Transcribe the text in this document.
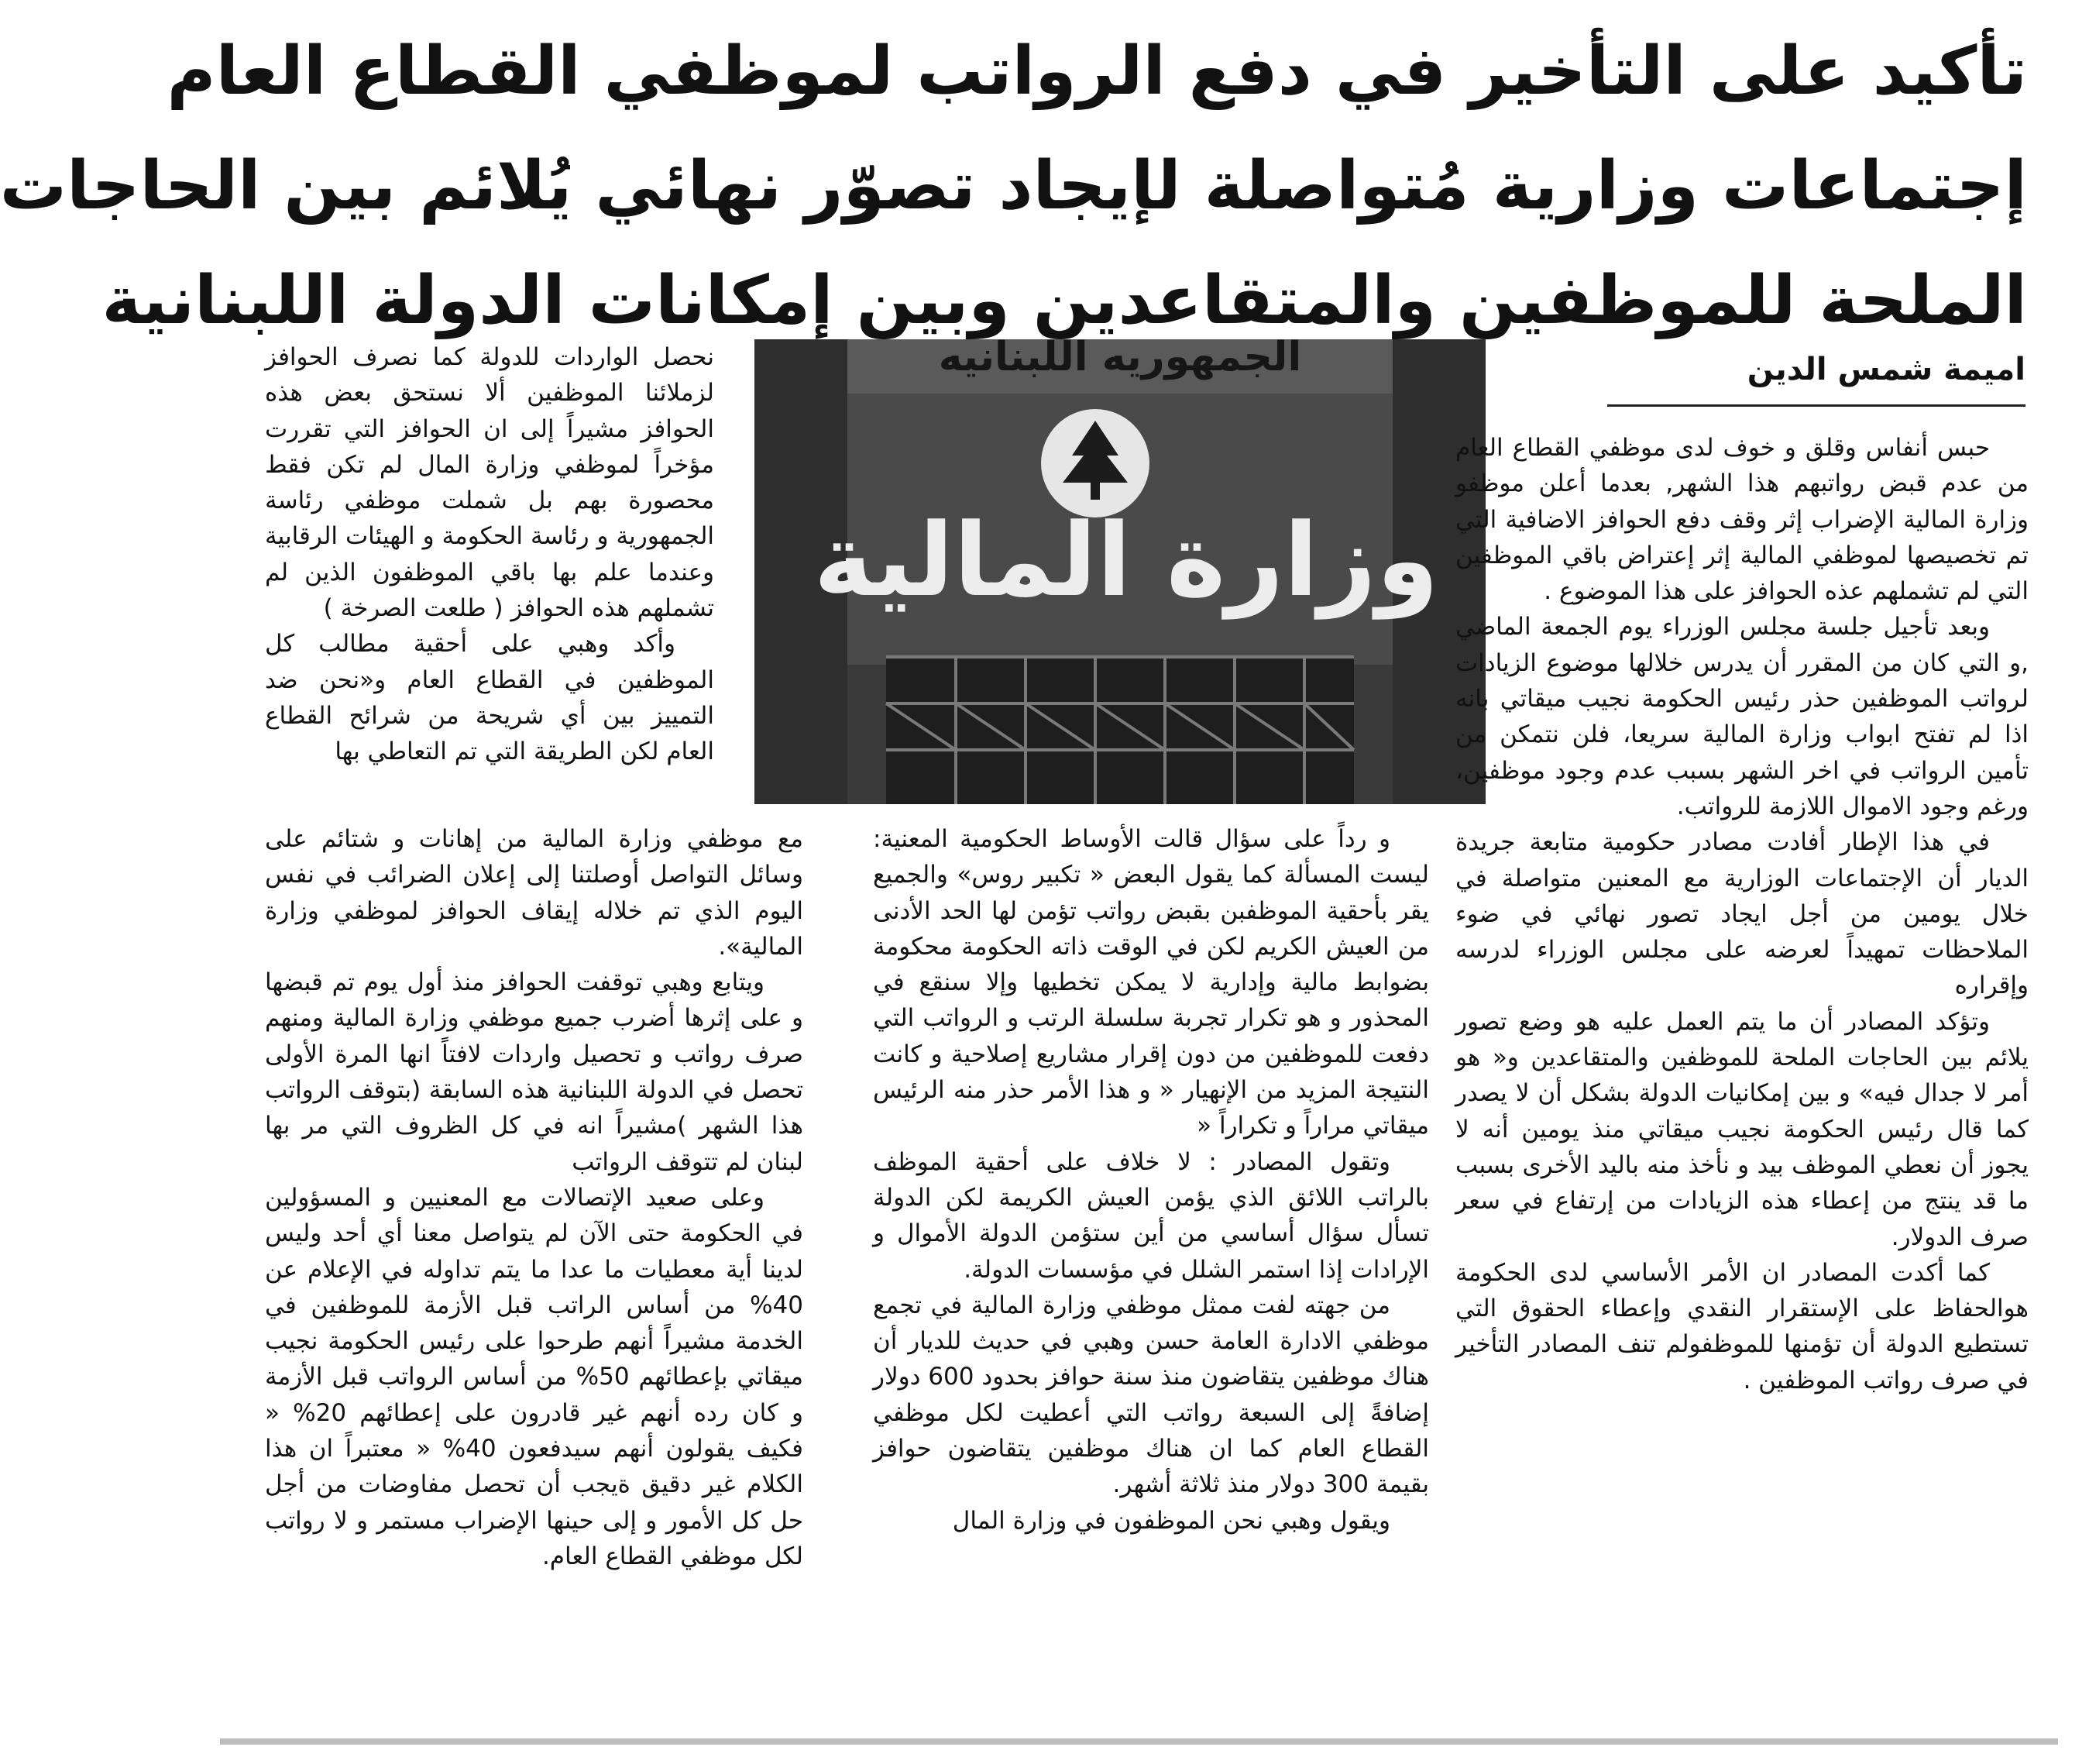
تأكيد على التأخير في دفع الرواتب لموظفي القطاع العام
إجتماعات وزارية مُتواصلة لإيجاد تصوّر نهائي يُلائم بين الحاجات
الملحة للموظفين والمتقاعدين وبين إمكانات الدولة اللبنانية
اميمة شمس الدين
الجمهوريه اللبنانيه
وزارة المالية

حبس أنفاس وقلق و خوف لدى موظفي القطاع العام من عدم قبض رواتبهم هذا الشهر, بعدما أعلن موظفو وزارة المالية الإضراب إثر وقف دفع الحوافز الاضافية التي تم تخصيصها لموظفي المالية إثر إعتراض باقي الموظفين التي لم تشملهم عذه الحوافز على هذا الموضوع .

وبعد تأجيل جلسة مجلس الوزراء يوم الجمعة الماضي ,و التي كان من المقرر أن يدرس خلالها موضوع الزيادات لرواتب الموظفين حذر رئيس الحكومة نجيب ميقاتي بانه اذا لم تفتح ابواب وزارة المالية سريعا، فلن نتمكن من تأمين الرواتب في اخر الشهر بسبب عدم وجود موظفين، ورغم وجود الاموال اللازمة للرواتب.

في هذا الإطار أفادت مصادر حكومية متابعة جريدة الديار أن الإجتماعات الوزارية مع المعنين متواصلة في خلال يومين من أجل ايجاد تصور نهائي في ضوء الملاحظات تمهيداً لعرضه على مجلس الوزراء لدرسه وإقراره

وتؤكد المصادر أن ما يتم العمل عليه هو وضع تصور يلائم بين الحاجات الملحة للموظفين والمتقاعدين و« هو أمر لا جدال فيه» و بين إمكانيات الدولة بشكل أن لا يصدر كما قال رئيس الحكومة نجيب ميقاتي منذ يومين أنه لا يجوز أن نعطي الموظف بيد و نأخذ منه باليد الأخرى بسبب ما قد ينتج من إعطاء هذه الزيادات من إرتفاع في سعر صرف الدولار.

كما أكدت المصادر ان الأمر الأساسي لدى الحكومة هوالحفاظ على الإستقرار النقدي وإعطاء الحقوق التي تستطيع الدولة أن تؤمنها للموظفولم تنف المصادر التأخير في صرف رواتب الموظفين .

و رداً على سؤال قالت الأوساط الحكومية المعنية: ليست المسألة كما يقول البعض « تكبير روس» والجميع يقر بأحقية الموظفبن بقبض رواتب تؤمن لها الحد الأدنى من العيش الكريم لكن في الوقت ذاته الحكومة محكومة بضوابط مالية وإدارية لا يمكن تخطيها وإلا سنقع في المحذور و هو تكرار تجربة سلسلة الرتب و الرواتب التي دفعت للموظفين من دون إقرار مشاريع إصلاحية و كانت النتيجة المزيد من الإنهيار « و هذا الأمر حذر منه الرئيس ميقاتي مراراً و تكراراً «

وتقول المصادر : لا خلاف على أحقية الموظف بالراتب اللائق الذي يؤمن العيش الكريمة لكن الدولة تسأل سؤال أساسي من أين ستؤمن الدولة الأموال و الإرادات إذا استمر الشلل في مؤسسات الدولة.

من جهته لفت ممثل موظفي وزارة المالية في تجمع موظفي الادارة العامة حسن وهبي في حديث للديار أن هناك موظفين يتقاضون منذ سنة حوافز بحدود 600 دولار إضافةً إلى السبعة رواتب التي أعطيت لكل موظفي القطاع العام كما ان هناك موظفين يتقاضون حوافز بقيمة 300 دولار منذ ثلاثة أشهر.

ويقول وهبي نحن الموظفون في وزارة المال

نحصل الواردات للدولة كما نصرف الحوافز لزملائنا الموظفين ألا نستحق بعض هذه الحوافز مشيراً إلى ان الحوافز التي تقررت مؤخراً لموظفي وزارة المال لم تكن فقط محصورة بهم بل شملت موظفي رئاسة الجمهورية و رئاسة الحكومة و الهيئات الرقابية وعندما علم بها باقي الموظفون الذين لم تشملهم هذه الحوافز ( طلعت الصرخة )

وأكد وهبي على أحقية مطالب كل الموظفين في القطاع العام و«نحن ضد التمييز بين أي شريحة من شرائح القطاع العام لكن الطريقة التي تم التعاطي بها

مع موظفي وزارة المالية من إهانات و شتائم على وسائل التواصل أوصلتنا إلى إعلان الضرائب في نفس اليوم الذي تم خلاله إيقاف الحوافز لموظفي وزارة المالية».

ويتابع وهبي توقفت الحوافز منذ أول يوم تم قبضها و على إثرها أضرب جميع موظفي وزارة المالية ومنهم صرف رواتب و تحصيل واردات لافتاً انها المرة الأولى تحصل في الدولة اللبنانية هذه السابقة (بتوقف الرواتب هذا الشهر )مشيراً انه في كل الظروف التي مر بها لبنان لم تتوقف الرواتب

وعلى صعيد الإتصالات مع المعنيين و المسؤولين في الحكومة حتى الآن لم يتواصل معنا أي أحد وليس لدينا أية معطيات ما عدا ما يتم تداوله في الإعلام عن 40% من أساس الراتب قبل الأزمة للموظفين في الخدمة مشيراً أنهم طرحوا على رئيس الحكومة نجيب ميقاتي بإعطائهم 50% من أساس الرواتب قبل الأزمة و كان رده أنهم غير قادرون على إعطائهم 20% « فكيف يقولون أنهم سيدفعون 40% « معتبراً ان هذا الكلام غير دقيق ةيجب أن تحصل مفاوضات من أجل حل كل الأمور و إلى حينها الإضراب مستمر و لا رواتب لكل موظفي القطاع العام.
